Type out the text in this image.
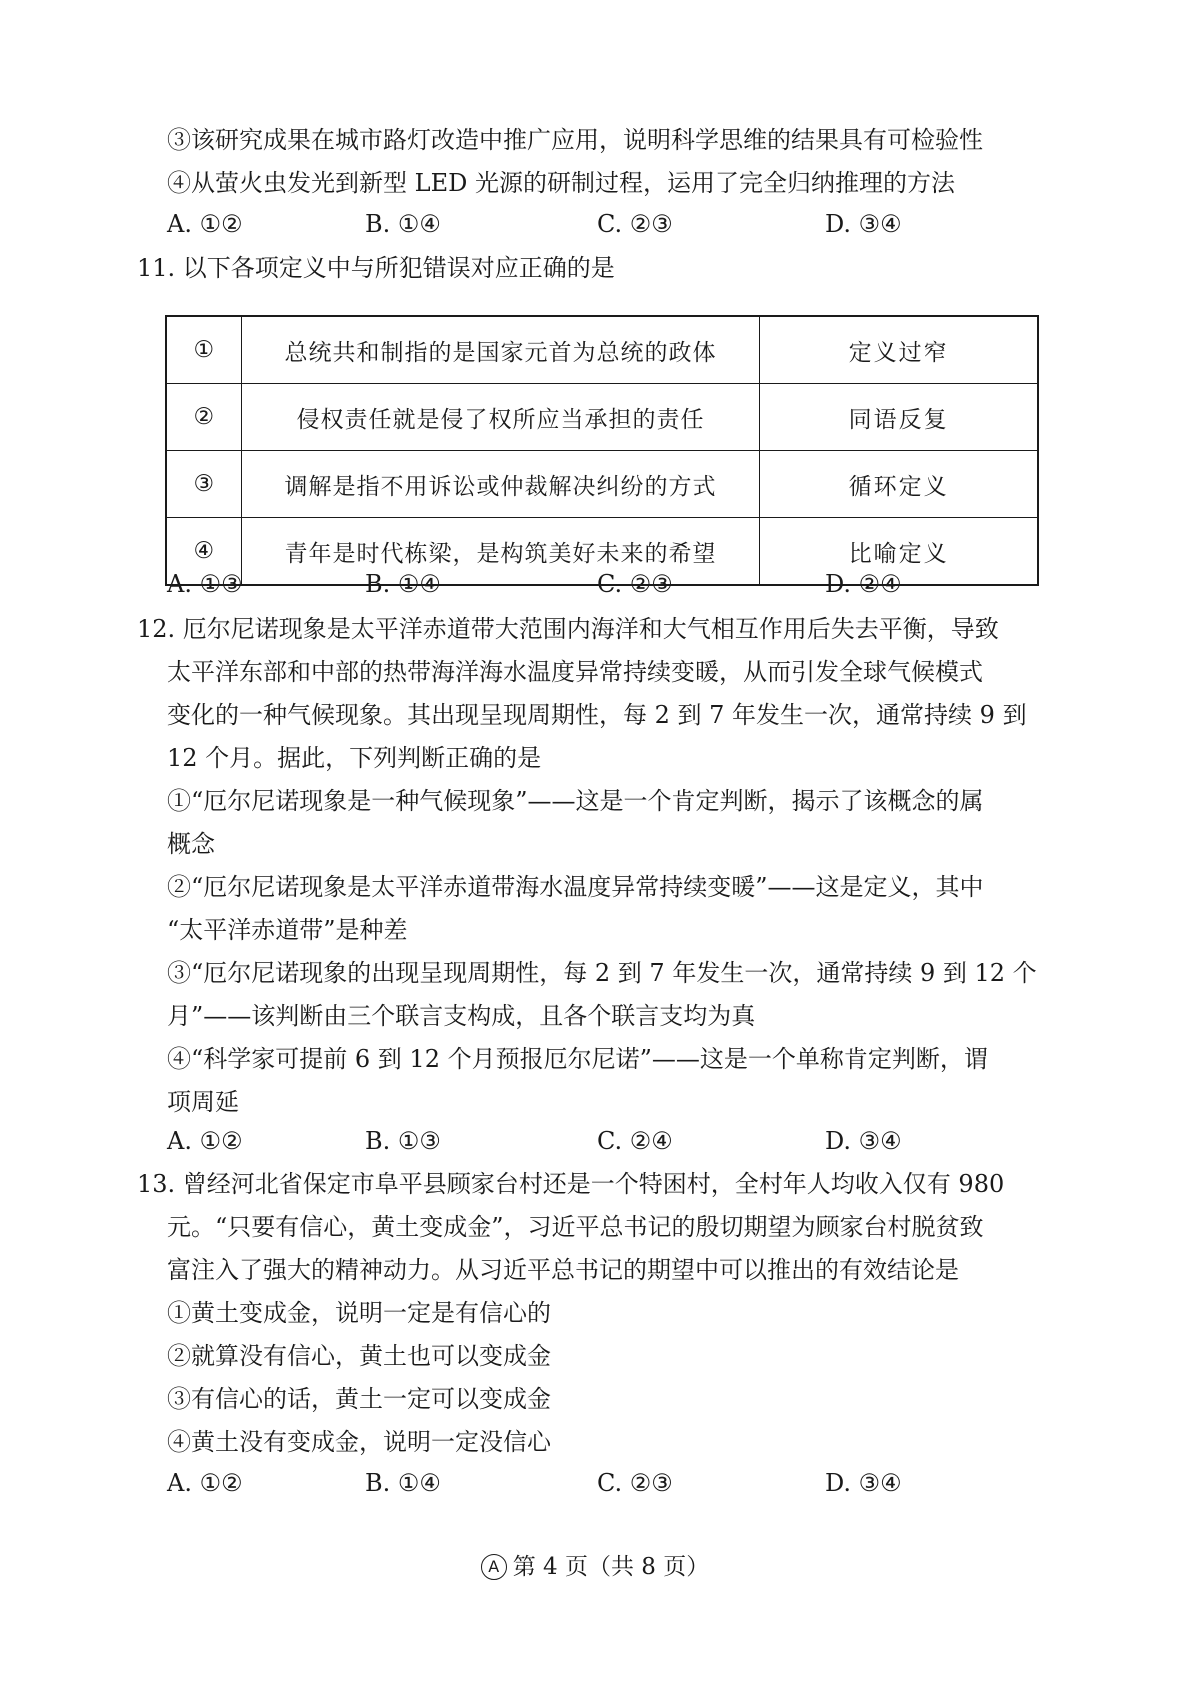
③该研究成果在城市路灯改造中推广应用，说明科学思维的结果具有可检验性
④从萤火虫发光到新型 LED 光源的研制过程，运用了完全归纳推理的方法
A. ①②	B. ①④	C. ②③	D. ③④
11. 以下各项定义中与所犯错误对应正确的是
①	总统共和制指的是国家元首为总统的政体	定义过窄
②	侵权责任就是侵了权所应当承担的责任	同语反复
③	调解是指不用诉讼或仲裁解决纠纷的方式	循环定义
④	青年是时代栋梁，是构筑美好未来的希望	比喻定义
A. ①③	B. ①④	C. ②③	D. ②④
12. 厄尔尼诺现象是太平洋赤道带大范围内海洋和大气相互作用后失去平衡，导致
太平洋东部和中部的热带海洋海水温度异常持续变暖，从而引发全球气候模式
变化的一种气候现象。其出现呈现周期性，每 2 到 7 年发生一次，通常持续 9 到
12 个月。据此，下列判断正确的是
①“厄尔尼诺现象是一种气候现象”——这是一个肯定判断，揭示了该概念的属
概念
②“厄尔尼诺现象是太平洋赤道带海水温度异常持续变暖”——这是定义，其中
“太平洋赤道带”是种差
③“厄尔尼诺现象的出现呈现周期性，每 2 到 7 年发生一次，通常持续 9 到 12 个
月”——该判断由三个联言支构成，且各个联言支均为真
④“科学家可提前 6 到 12 个月预报厄尔尼诺”——这是一个单称肯定判断，谓
项周延
A. ①②	B. ①③	C. ②④	D. ③④
13. 曾经河北省保定市阜平县顾家台村还是一个特困村，全村年人均收入仅有 980
元。“只要有信心，黄土变成金”，习近平总书记的殷切期望为顾家台村脱贫致
富注入了强大的精神动力。从习近平总书记的期望中可以推出的有效结论是
①黄土变成金，说明一定是有信心的
②就算没有信心，黄土也可以变成金
③有信心的话，黄土一定可以变成金
④黄土没有变成金，说明一定没信心
A. ①②	B. ①④	C. ②③	D. ③④
A 第 4 页（共 8 页）
